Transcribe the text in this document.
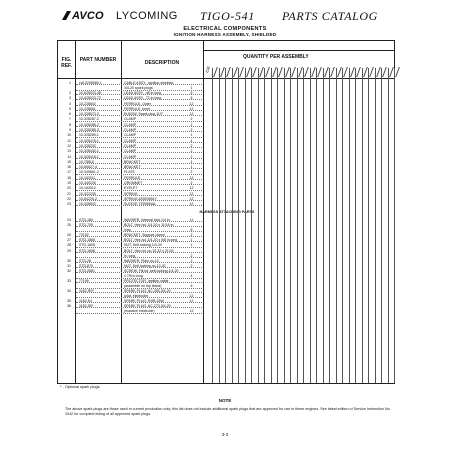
AVCO LYCOMING TIGO-541 PARTS CATALOG
ELECTRICAL COMPONENTS
IGNITION HARNESS ASSEMBLY, SHIELDED
FIG. REF.
PART NUMBER	DESCRIPTION
QUANTITY PER ASSEMBLY
E3E
1 LW-5208580-1	CABLE ASSY., Ignition,shielded,
3/4-20 spark plugs	1
2 10-628023-48	LEAD ASSY., 48 in.long	6
3 10-628023-72	LEAD ASSY., 72 in.long	6
4 10-228602	FERRULE, Outer	12
5 10-228661	FERRULE, Inner	12
6 10-328573-3	ELBOW, Spark plug,110°	12
7 10-328287-2	CLAMP	2
8 10-328288-2	CLAMP	2
9 10-328288-3	CLAMP	2
10 10-328289-1	CLAMP	1
11 10-328476-1	CLAMP	4
12 10-328232	CLAMP	2
13 10-328432-1	CLAMP	2
14 10-328418-1	CLAMP	2
15 10-78816	BRACKET	1
16 10-80627-4	BRACKET	1
17 10-349861-2	PLATE	2
18 10-163011	FERRULE	12
19 10-349226	GROMMET	2
20 10-163012	EYELET	12
21 10-322235	SPRING	12
22 10-84225-2	SPRING ASSEMBLY	12
23 10-328502	SLEEVE TERMINAL	12
HARNESS ATTACHING PARTS
24 STD-180	WASHER, Internal lock,1/4 in.	11
25 STD-705	BOLT, Hex.hd.,1/4-20 x 11/16 in.
long	8
26 72152	BRACKET, Support clamp	2
27 STD-1868	BOLT, Hex.hd.,1/4-20 x 5/8 in.long	1
28 STD-1605	NUT, Self-locking,1/4-20	1
29 STD-1658	BOLT, Hex.hd.,no.10-32 x 21/32
in. long	2
30 STD-28	WASHER, Plain,no.10	2
31 STD-879	NUT, Self-locking,no.10-32	2
32 STD-2881	SCREW, Fill.hd.,self-locking,1/4-20
x 7/8 in.long	4
33 77199	PROTECTOR, Ignition cable
(assemble on top leads)	6
34 1182-RS*	SPARK PLUG, AC-283,3/4-20
(plat. electrode)	12
35 1182-E4	SPARK PLUG, RHB-33W	12
36 1182-S5*	SPARK PLUG, AC-273,3/4-20
(massive electrode)	12
* - Optional spark plugs.
NOTE
The above spark plugs are those used in current production only; this list does not include additional spark plugs that are approved for use in these engines. See latest edition of Service Instruction No. 1042 for complete listing of all approved spark plugs.
3-3
